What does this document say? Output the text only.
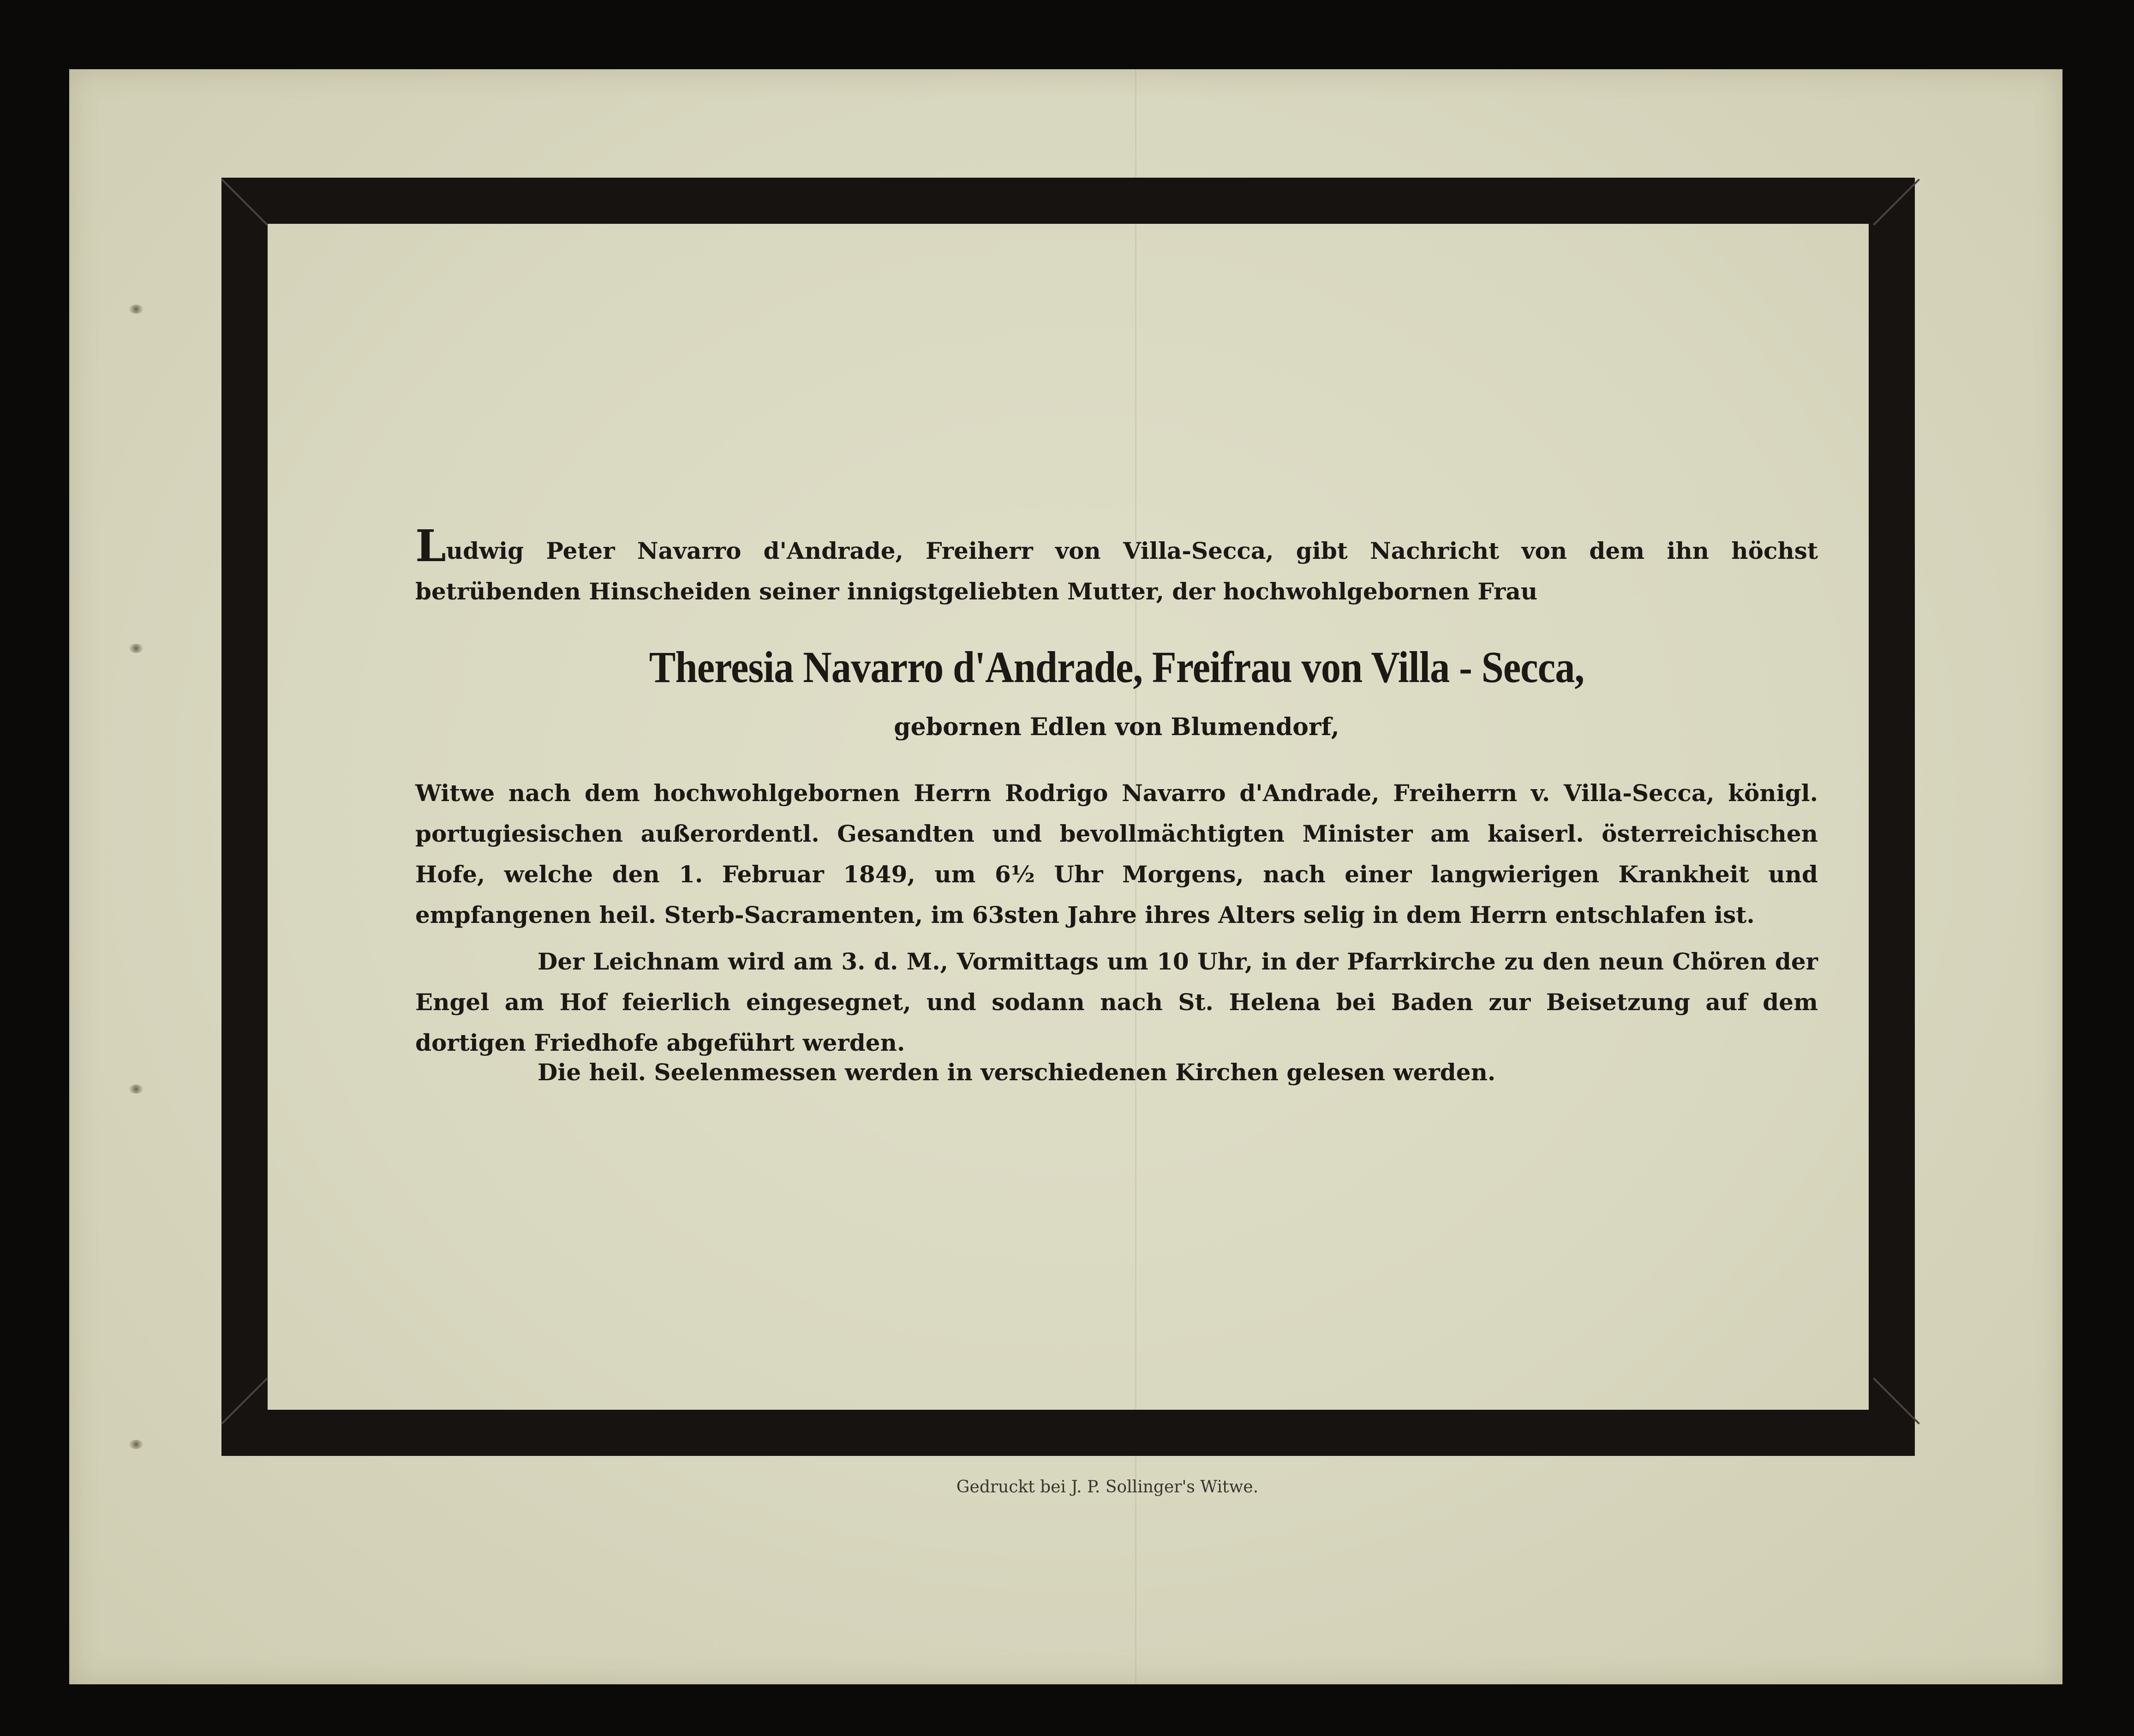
Ludwig Peter Navarro d'Andrade, Freiherr von Villa-Secca, gibt Nachricht von dem ihn höchst betrübenden Hinscheiden seiner innigstgeliebten Mutter, der hochwohlgebornen Frau
Theresia Navarro d'Andrade, Freifrau von Villa - Secca,
gebornen Edlen von Blumendorf,
Witwe nach dem hochwohlgebornen Herrn Rodrigo Navarro d'Andrade, Freiherrn v. Villa-Secca, königl. portugiesischen außerordentl. Gesandten und bevollmächtigten Minister am kaiserl. österreichischen Hofe, welche den 1. Februar 1849, um 6½ Uhr Morgens, nach einer langwierigen Krankheit und empfangenen heil. Sterb-Sacramenten, im 63sten Jahre ihres Alters selig in dem Herrn entschlafen ist.
Der Leichnam wird am 3. d. M., Vormittags um 10 Uhr, in der Pfarrkirche zu den neun Chören der Engel am Hof feierlich eingesegnet, und sodann nach St. Helena bei Baden zur Beisetzung auf dem dortigen Friedhofe abgeführt werden.
Die heil. Seelenmessen werden in verschiedenen Kirchen gelesen werden.
Gedruckt bei J. P. Sollinger's Witwe.
